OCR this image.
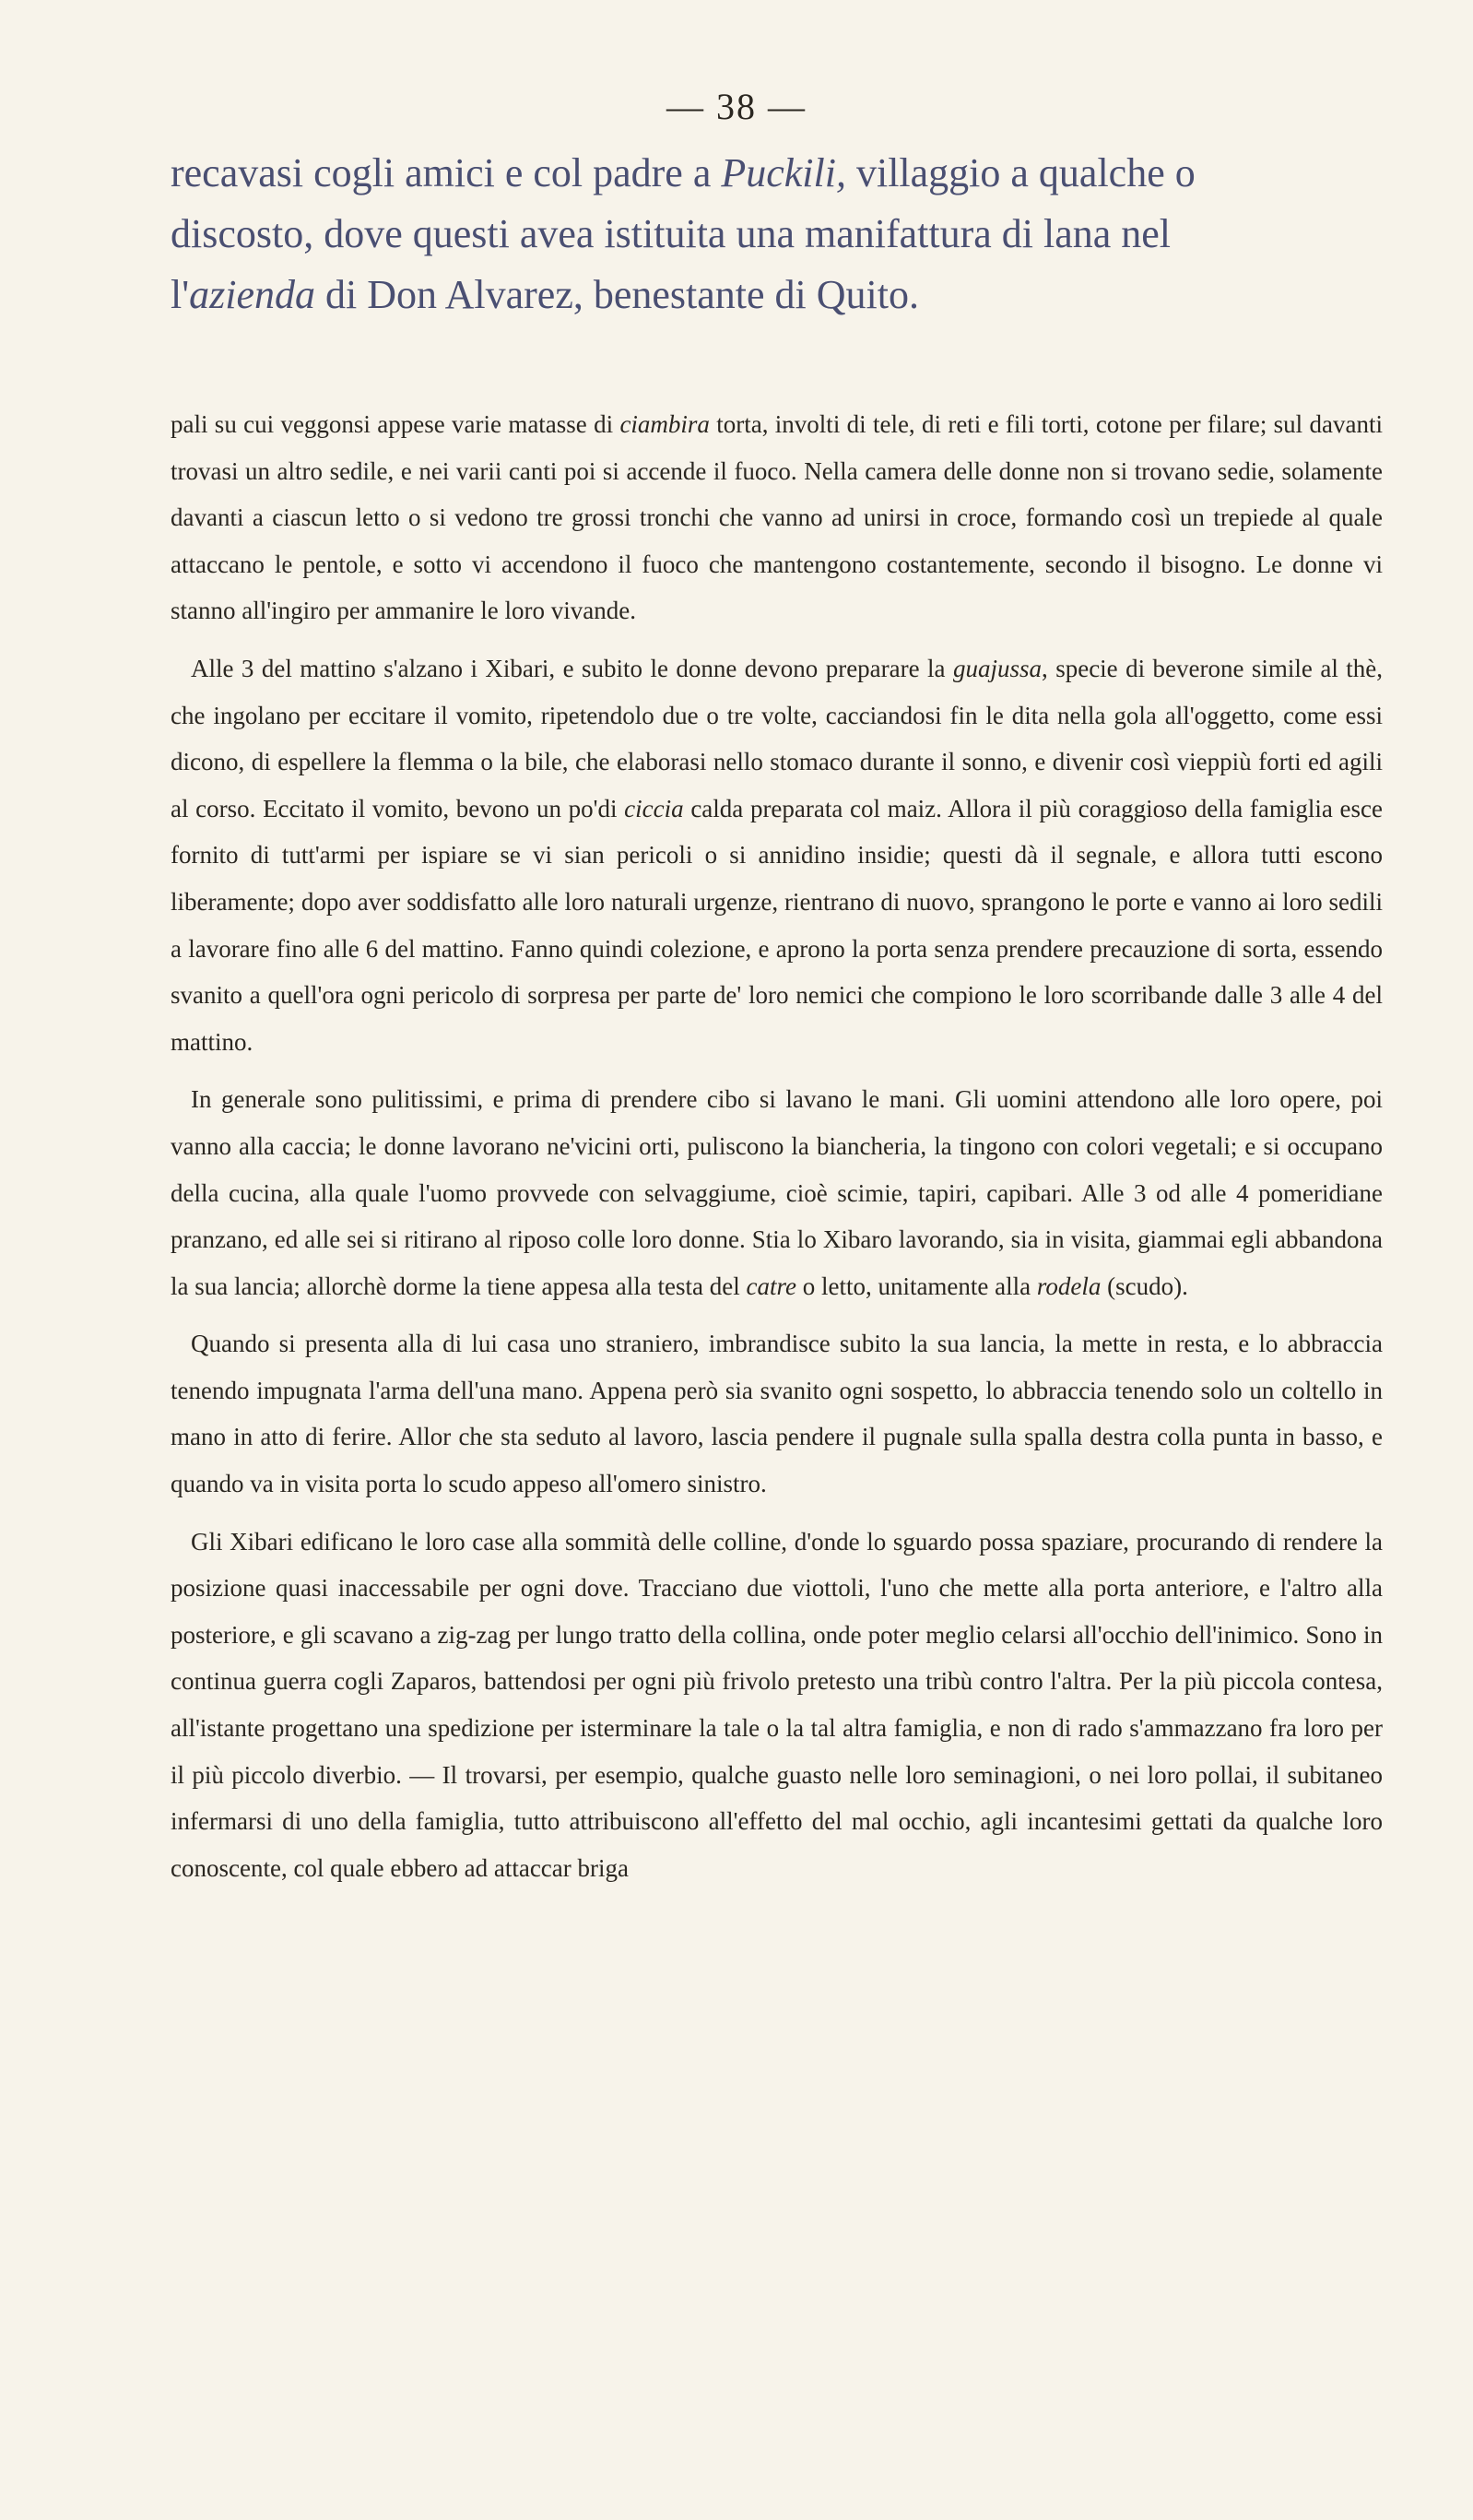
— 38 —

recavasi cogli amici e col padre a Puckili, villaggio a qualche o

discosto, dove questi avea istituita una manifattura di lana nel

l'azienda di Don Alvarez, benestante di Quito.

pali su cui veggonsi appese varie matasse di ciambira torta, involti di tele, di reti e fili torti, cotone per filare; sul davanti trovasi un altro sedile, e nei varii canti poi si accende il fuoco. Nella camera delle donne non si trovano sedie, solamente davanti a ciascun letto o si vedono tre grossi tronchi che vanno ad unirsi in croce, formando così un trepiede al quale attaccano le pentole, e sotto vi accendono il fuoco che mantengono costantemente, secondo il bisogno. Le donne vi stanno all'ingiro per ammanire le loro vivande.

Alle 3 del mattino s'alzano i Xibari, e subito le donne devono preparare la guajussa, specie di beverone simile al thè, che ingolano per eccitare il vomito, ripetendolo due o tre volte, cacciandosi fin le dita nella gola all'oggetto, come essi dicono, di espellere la flemma o la bile, che elaborasi nello stomaco durante il sonno, e divenir così vieppiù forti ed agili al corso. Eccitato il vomito, bevono un po'di ciccia calda preparata col maiz. Allora il più coraggioso della famiglia esce fornito di tutt'armi per ispiare se vi sian pericoli o si annidino insidie; questi dà il segnale, e allora tutti escono liberamente; dopo aver soddisfatto alle loro naturali urgenze, rientrano di nuovo, sprangono le porte e vanno ai loro sedili a lavorare fino alle 6 del mattino. Fanno quindi colezione, e aprono la porta senza prendere precauzione di sorta, essendo svanito a quell'ora ogni pericolo di sorpresa per parte de' loro nemici che compiono le loro scorribande dalle 3 alle 4 del mattino.

In generale sono pulitissimi, e prima di prendere cibo si lavano le mani. Gli uomini attendono alle loro opere, poi vanno alla caccia; le donne lavorano ne'vicini orti, puliscono la biancheria, la tingono con colori vegetali; e si occupano della cucina, alla quale l'uomo provvede con selvaggiume, cioè scimie, tapiri, capibari. Alle 3 od alle 4 pomeridiane pranzano, ed alle sei si ritirano al riposo colle loro donne. Stia lo Xibaro lavorando, sia in visita, giammai egli abbandona la sua lancia; allorchè dorme la tiene appesa alla testa del catre o letto, unitamente alla rodela (scudo).

Quando si presenta alla di lui casa uno straniero, imbrandisce subito la sua lancia, la mette in resta, e lo abbraccia tenendo impugnata l'arma dell'una mano. Appena però sia svanito ogni sospetto, lo abbraccia tenendo solo un coltello in mano in atto di ferire. Allor che sta seduto al lavoro, lascia pendere il pugnale sulla spalla destra colla punta in basso, e quando va in visita porta lo scudo appeso all'omero sinistro.

Gli Xibari edificano le loro case alla sommità delle colline, d'onde lo sguardo possa spaziare, procurando di rendere la posizione quasi inaccessabile per ogni dove. Tracciano due viottoli, l'uno che mette alla porta anteriore, e l'altro alla posteriore, e gli scavano a zig-zag per lungo tratto della collina, onde poter meglio celarsi all'occhio dell'inimico. Sono in continua guerra cogli Zaparos, battendosi per ogni più frivolo pretesto una tribù contro l'altra. Per la più piccola contesa, all'istante progettano una spedizione per isterminare la tale o la tal altra famiglia, e non di rado s'ammazzano fra loro per il più piccolo diverbio. — Il trovarsi, per esempio, qualche guasto nelle loro seminagioni, o nei loro pollai, il subitaneo infermarsi di uno della famiglia, tutto attribuiscono all'effetto del mal occhio, agli incantesimi gettati da qualche loro conoscente, col quale ebbero ad attaccar briga
